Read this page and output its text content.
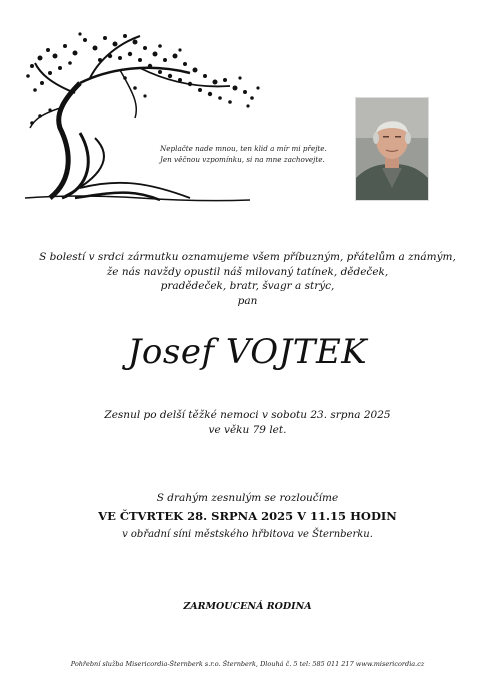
Neplačte nade mnou, ten klid a mír mi přejte.
Jen věčnou vzpomínku, si na mne zachovejte.
S bolestí v srdci zármutku oznamujeme všem příbuzným, přátelům a známým,
že nás navždy opustil náš milovaný tatínek, dědeček,
pradědeček, bratr, švagr a strýc,
pan
Josef VOJTEK
Zesnul po delší těžké nemoci v sobotu 23. srpna 2025
ve věku 79 let.
S drahým zesnulým se rozloučíme
VE ČTVRTEK 28. SRPNA 2025 V 11.15 HODIN
v obřadní síni městského hřbitova ve Šternberku.
ZARMOUCENÁ RODINA
Pohřební služba Misericordia-Šternberk s.r.o. Šternberk, Dlouhá č. 5 tel: 585 011 217 www.misericordia.cz
